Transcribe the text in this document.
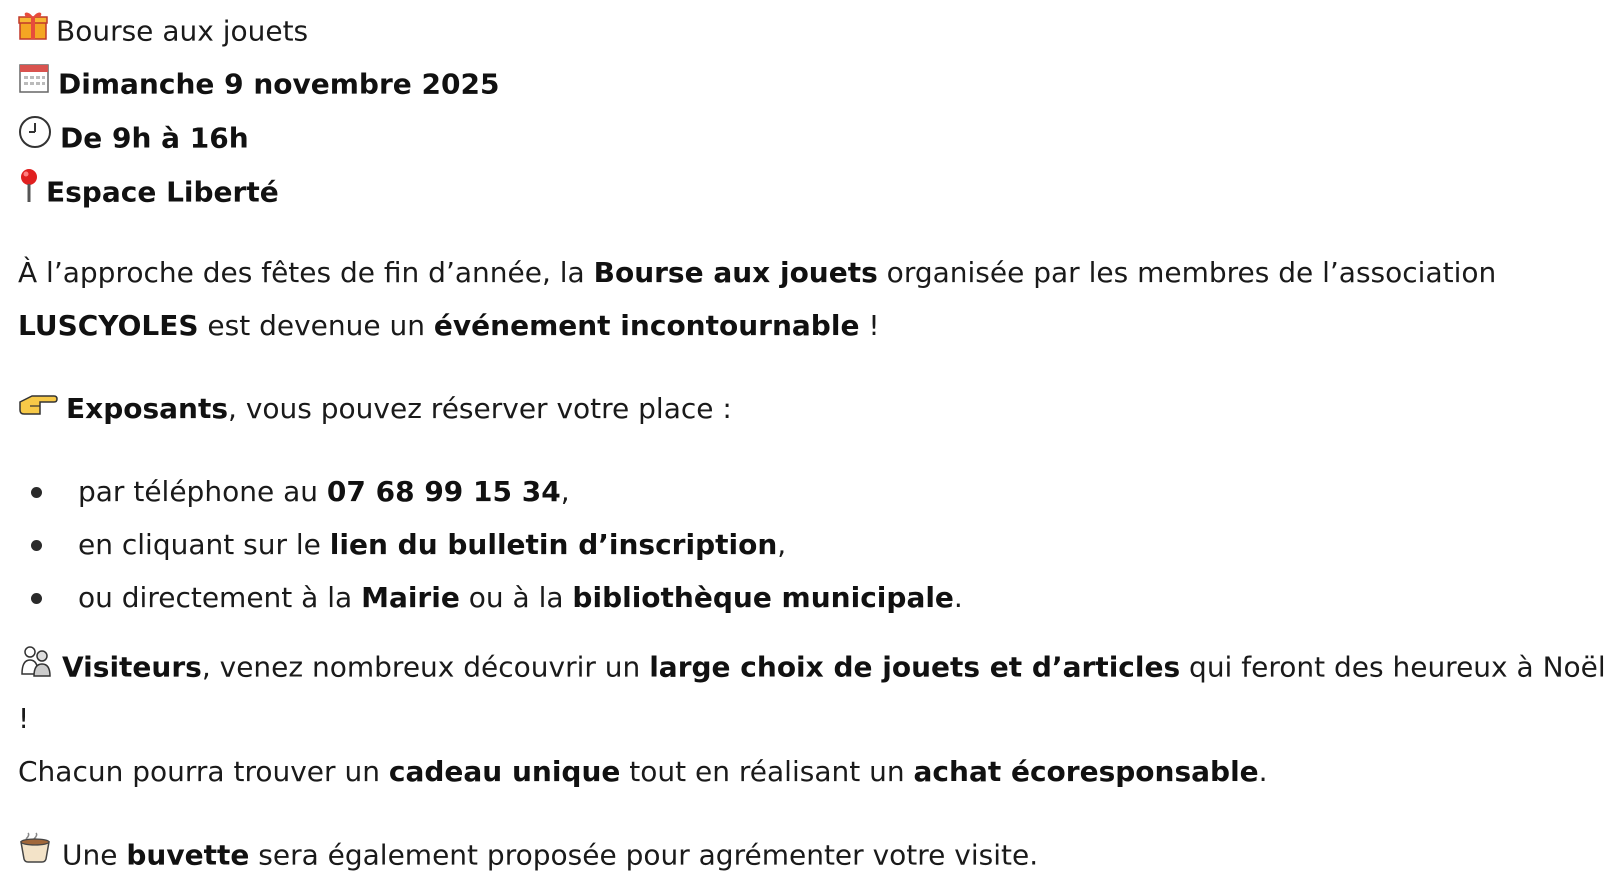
Bourse aux jouets
Dimanche 9 novembre 2025
De 9h à 16h
Espace Liberté
À l’approche des fêtes de fin d’année, la Bourse aux jouets organisée par les membres de l’association
LUSCYOLES est devenue un événement incontournable !
Exposants, vous pouvez réserver votre place :
par téléphone au 07 68 99 15 34,
en cliquant sur le lien du bulletin d’inscription,
ou directement à la Mairie ou à la bibliothèque municipale.
Visiteurs, venez nombreux découvrir un large choix de jouets et d’articles qui feront des heureux à Noël
!
Chacun pourra trouver un cadeau unique tout en réalisant un achat écoresponsable.
Une buvette sera également proposée pour agrémenter votre visite.
